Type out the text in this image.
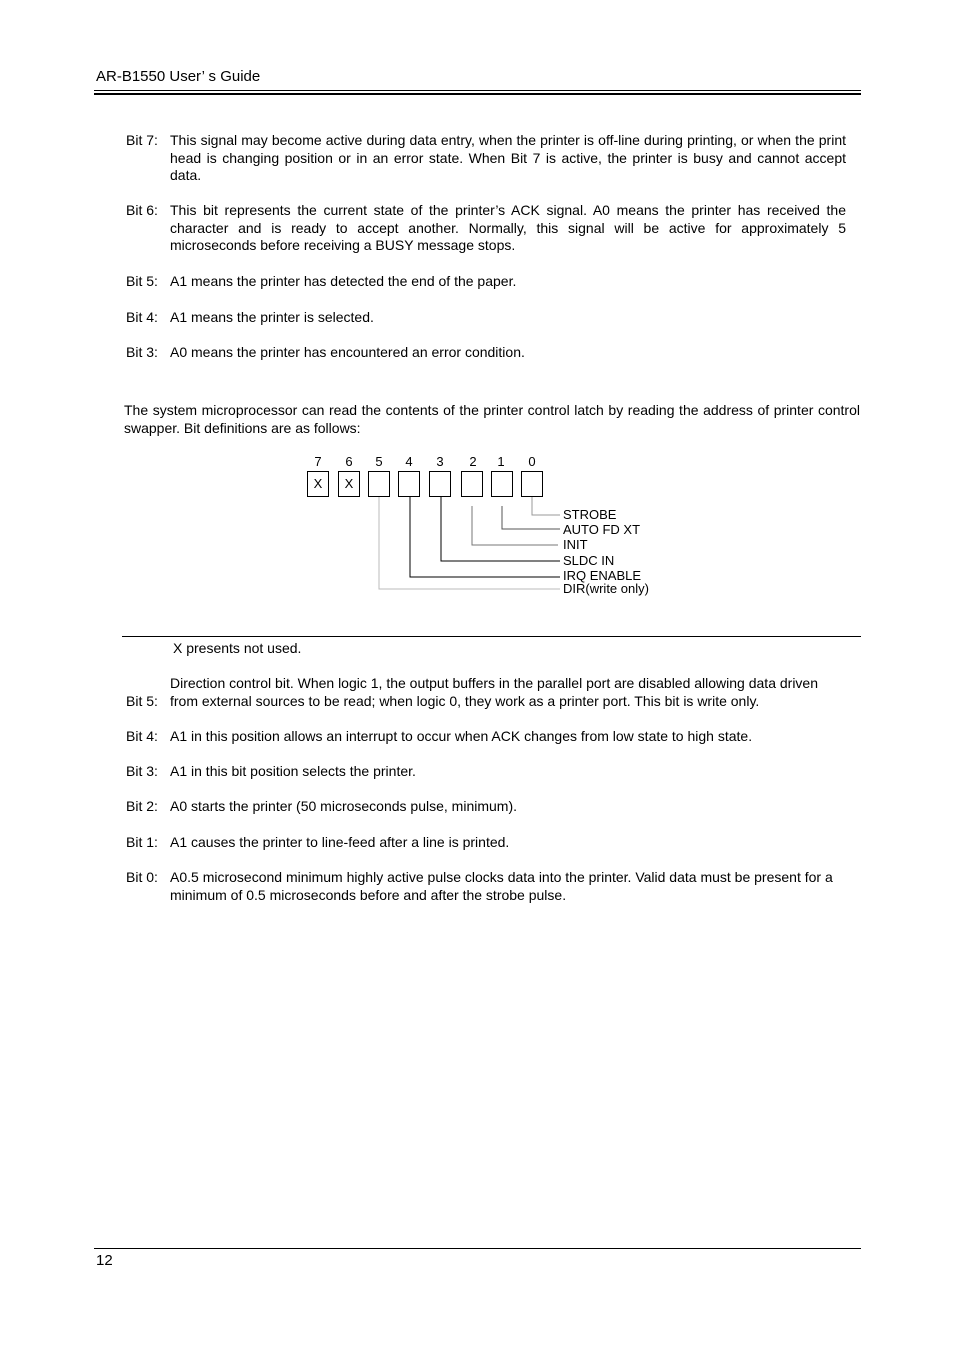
AR-B1550 User’ s Guide
Bit 7: This signal may become active during data entry, when the printer is off-line during printing, or when the print head is changing position or in an error state. When Bit 7 is active, the printer is busy and cannot accept data.
Bit 6: This bit represents the current state of the printer’s ACK signal. A0 means the printer has received the character and is ready to accept another. Normally, this signal will be active for approximately 5 microseconds before receiving a BUSY message stops.
Bit 5: A1 means the printer has detected the end of the paper.
Bit 4: A1 means the printer is selected.
Bit 3: A0 means the printer has encountered an error condition.
The system microprocessor can read the contents of the printer control latch by reading the address of printer control swapper. Bit definitions are as follows:
7	6	5	4	3	2	1	0
X	X
STROBE
AUTO FD XT
INIT
SLDC IN
IRQ ENABLE
DIR(write only)
X presents not used.
Bit 5:
Direction control bit. When logic 1, the output buffers in the parallel port are disabled allowing data driven from external sources to be read; when logic 0, they work as a printer port. This bit is write only.
Bit 4: A1 in this position allows an interrupt to occur when ACK changes from low state to high state.
Bit 3: A1 in this bit position selects the printer.
Bit 2: A0 starts the printer (50 microseconds pulse, minimum).
Bit 1: A1 causes the printer to line-feed after a line is printed.
Bit 0: A0.5 microsecond minimum highly active pulse clocks data into the printer. Valid data must be present for a minimum of 0.5 microseconds before and after the strobe pulse.
12
